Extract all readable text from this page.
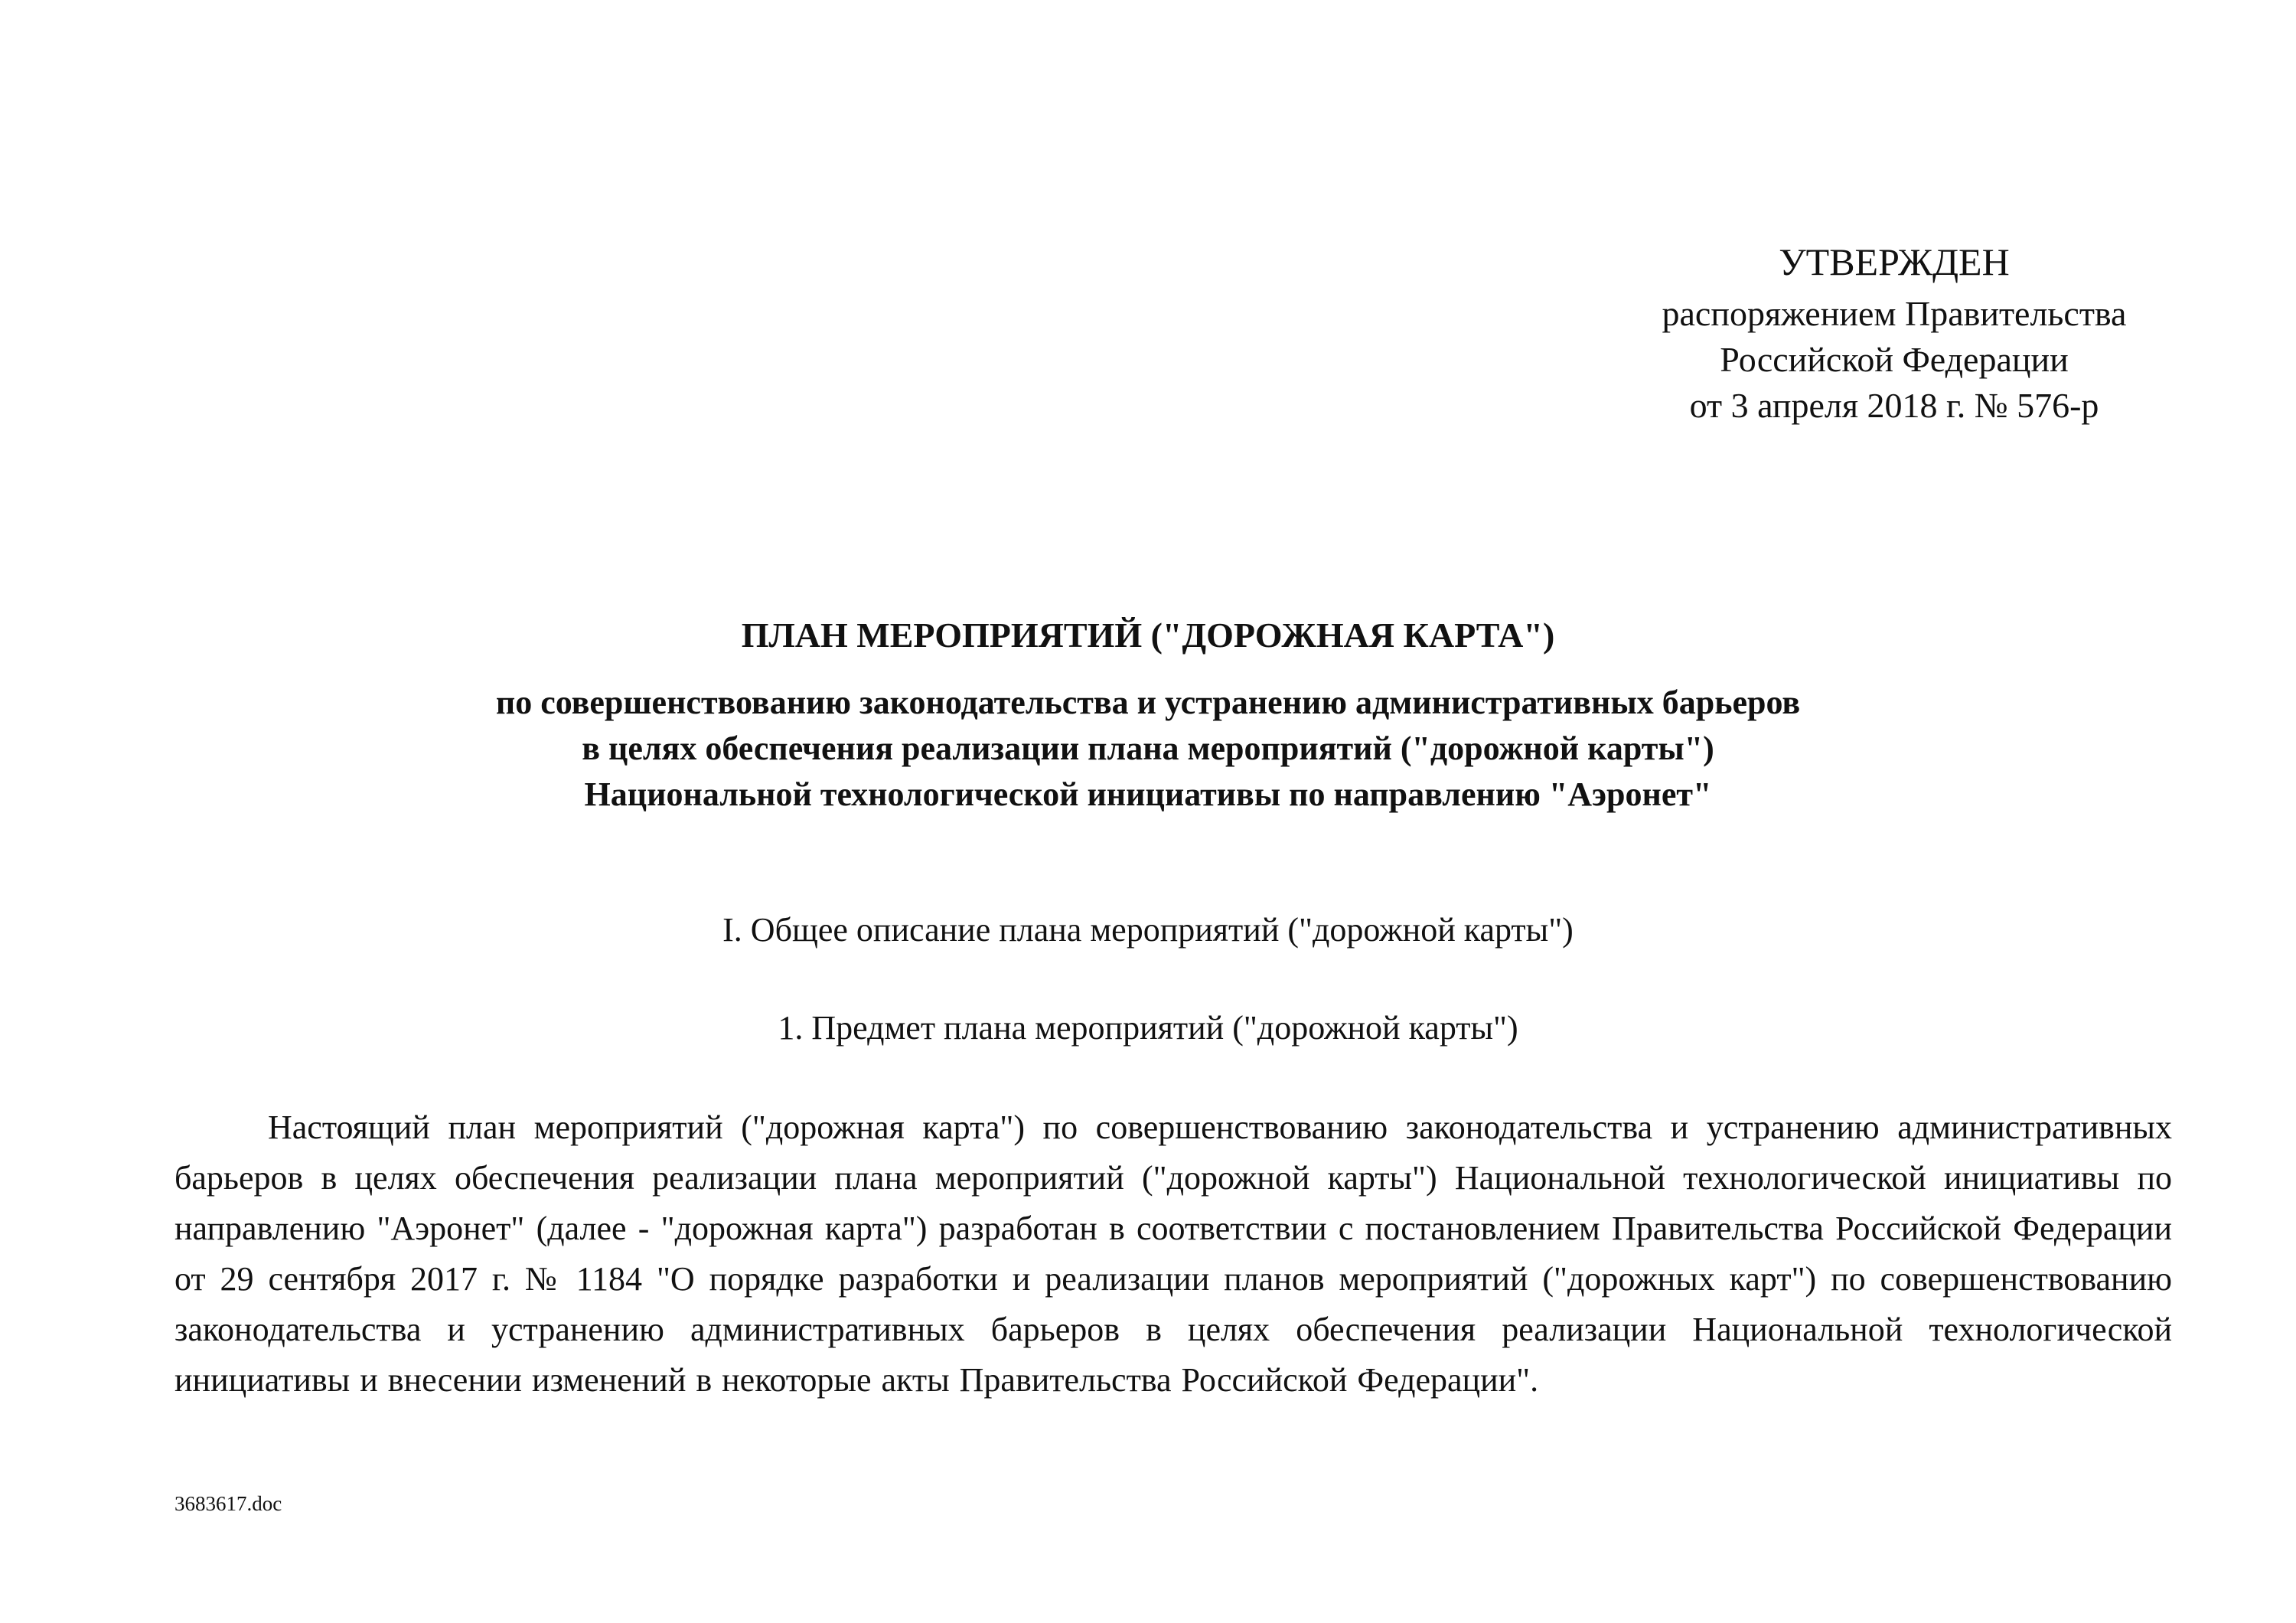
УТВЕРЖДЕН
распоряжением Правительства
Российской Федерации
от 3 апреля 2018 г. № 576-р
ПЛАН МЕРОПРИЯТИЙ ("ДОРОЖНАЯ КАРТА")
по совершенствованию законодательства и устранению административных барьеров
в целях обеспечения реализации плана мероприятий ("дорожной карты")
Национальной технологической инициативы по направлению "Аэронет"
I. Общее описание плана мероприятий ("дорожной карты")
1. Предмет плана мероприятий ("дорожной карты")
Настоящий план мероприятий ("дорожная карта") по совершенствованию законодательства и устранению административных барьеров в целях обеспечения реализации плана мероприятий ("дорожной карты") Национальной технологической инициативы по направлению "Аэронет" (далее - "дорожная карта") разработан в соответствии с постановлением Правительства Российской Федерации от 29 сентября 2017 г. № 1184 "О порядке разработки и реализации планов мероприятий ("дорожных карт") по совершенствованию законодательства и устранению административных барьеров в целях обеспечения реализации Национальной технологической инициативы и внесении изменений в некоторые акты Правительства Российской Федерации".
3683617.doc
